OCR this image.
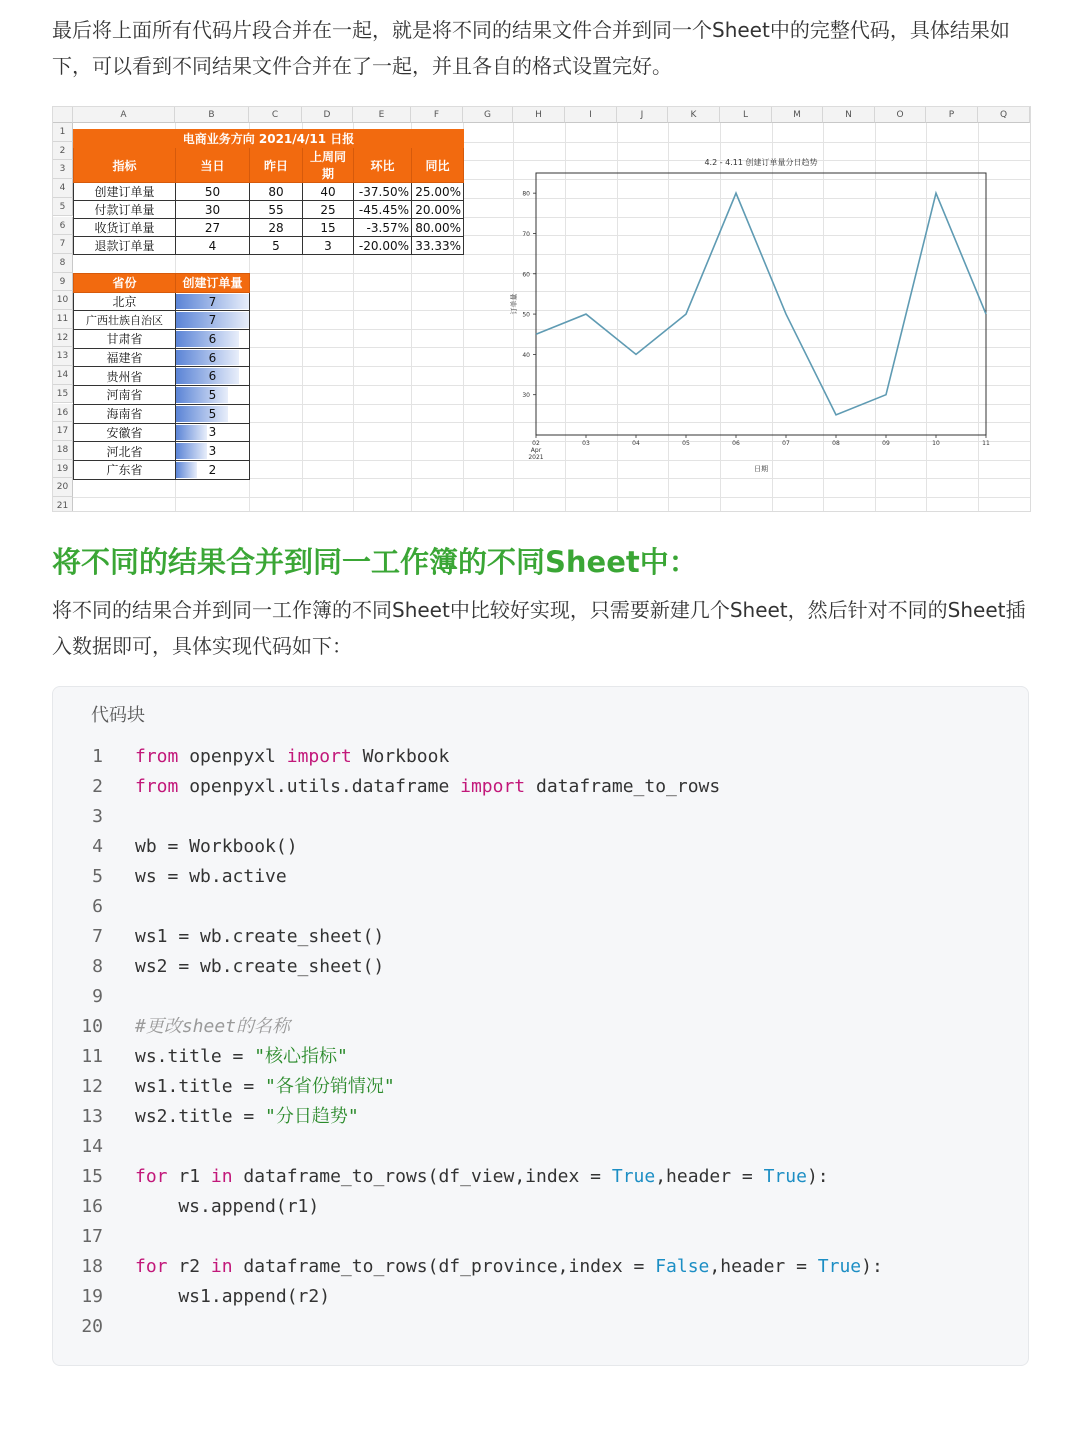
最后将上面所有代码片段合并在一起，就是将不同的结果文件合并到同一个Sheet中的完整代码，具体结果如下，可以看到不同结果文件合并在了一起，并且各自的格式设置完好。

A	B	C	D	E	F	G	H	I	J	K	L	M	N	O	P	Q
1
2
3
4
5
6
7
8
9
10
11
12
13
14
15
16
17
18
19
20
21
电商业务方向 2021/4/11 日报					
指标	当日	昨日	上周同期	环比	同比
创建订单量	50	80	40	-37.50%	25.00%
付款订单量	30	55	25	-45.45%	20.00%
收货订单量	27	28	15	-3.57%	80.00%
退款订单量	4	5	3	-20.00%	33.33%
省份	创建订单量
北京	7
广西壮族自治区	7
甘肃省	6
福建省	6
贵州省	6
河南省	5
海南省	5
安徽省	3
河北省	3
广东省	2
4.2 - 4.11 创建订单量分日趋势
30
40
50
60
70
80
02
Apr
2021
03	04	05	06	07	08	09	10	11
订单量
日期
将不同的结果合并到同一工作簿的不同Sheet中：

将不同的结果合并到同一工作簿的不同Sheet中比较好实现，只需要新建几个Sheet，然后针对不同的Sheet插入数据即可，具体实现代码如下：

代码块
1 from openpyxl import Workbook
2 from openpyxl.utils.dataframe import dataframe_to_rows
3
4 wb = Workbook()
5 ws = wb.active
6
7 ws1 = wb.create_sheet()
8 ws2 = wb.create_sheet()
9
10 #更改sheet的名称
11 ws.title = "核心指标"
12 ws1.title = "各省份销情况"
13 ws2.title = "分日趋势"
14
15 for r1 in dataframe_to_rows(df_view,index = True,header = True):
16 ws.append(r1)
17
18 for r2 in dataframe_to_rows(df_province,index = False,header = True):
19 ws1.append(r2)
20
